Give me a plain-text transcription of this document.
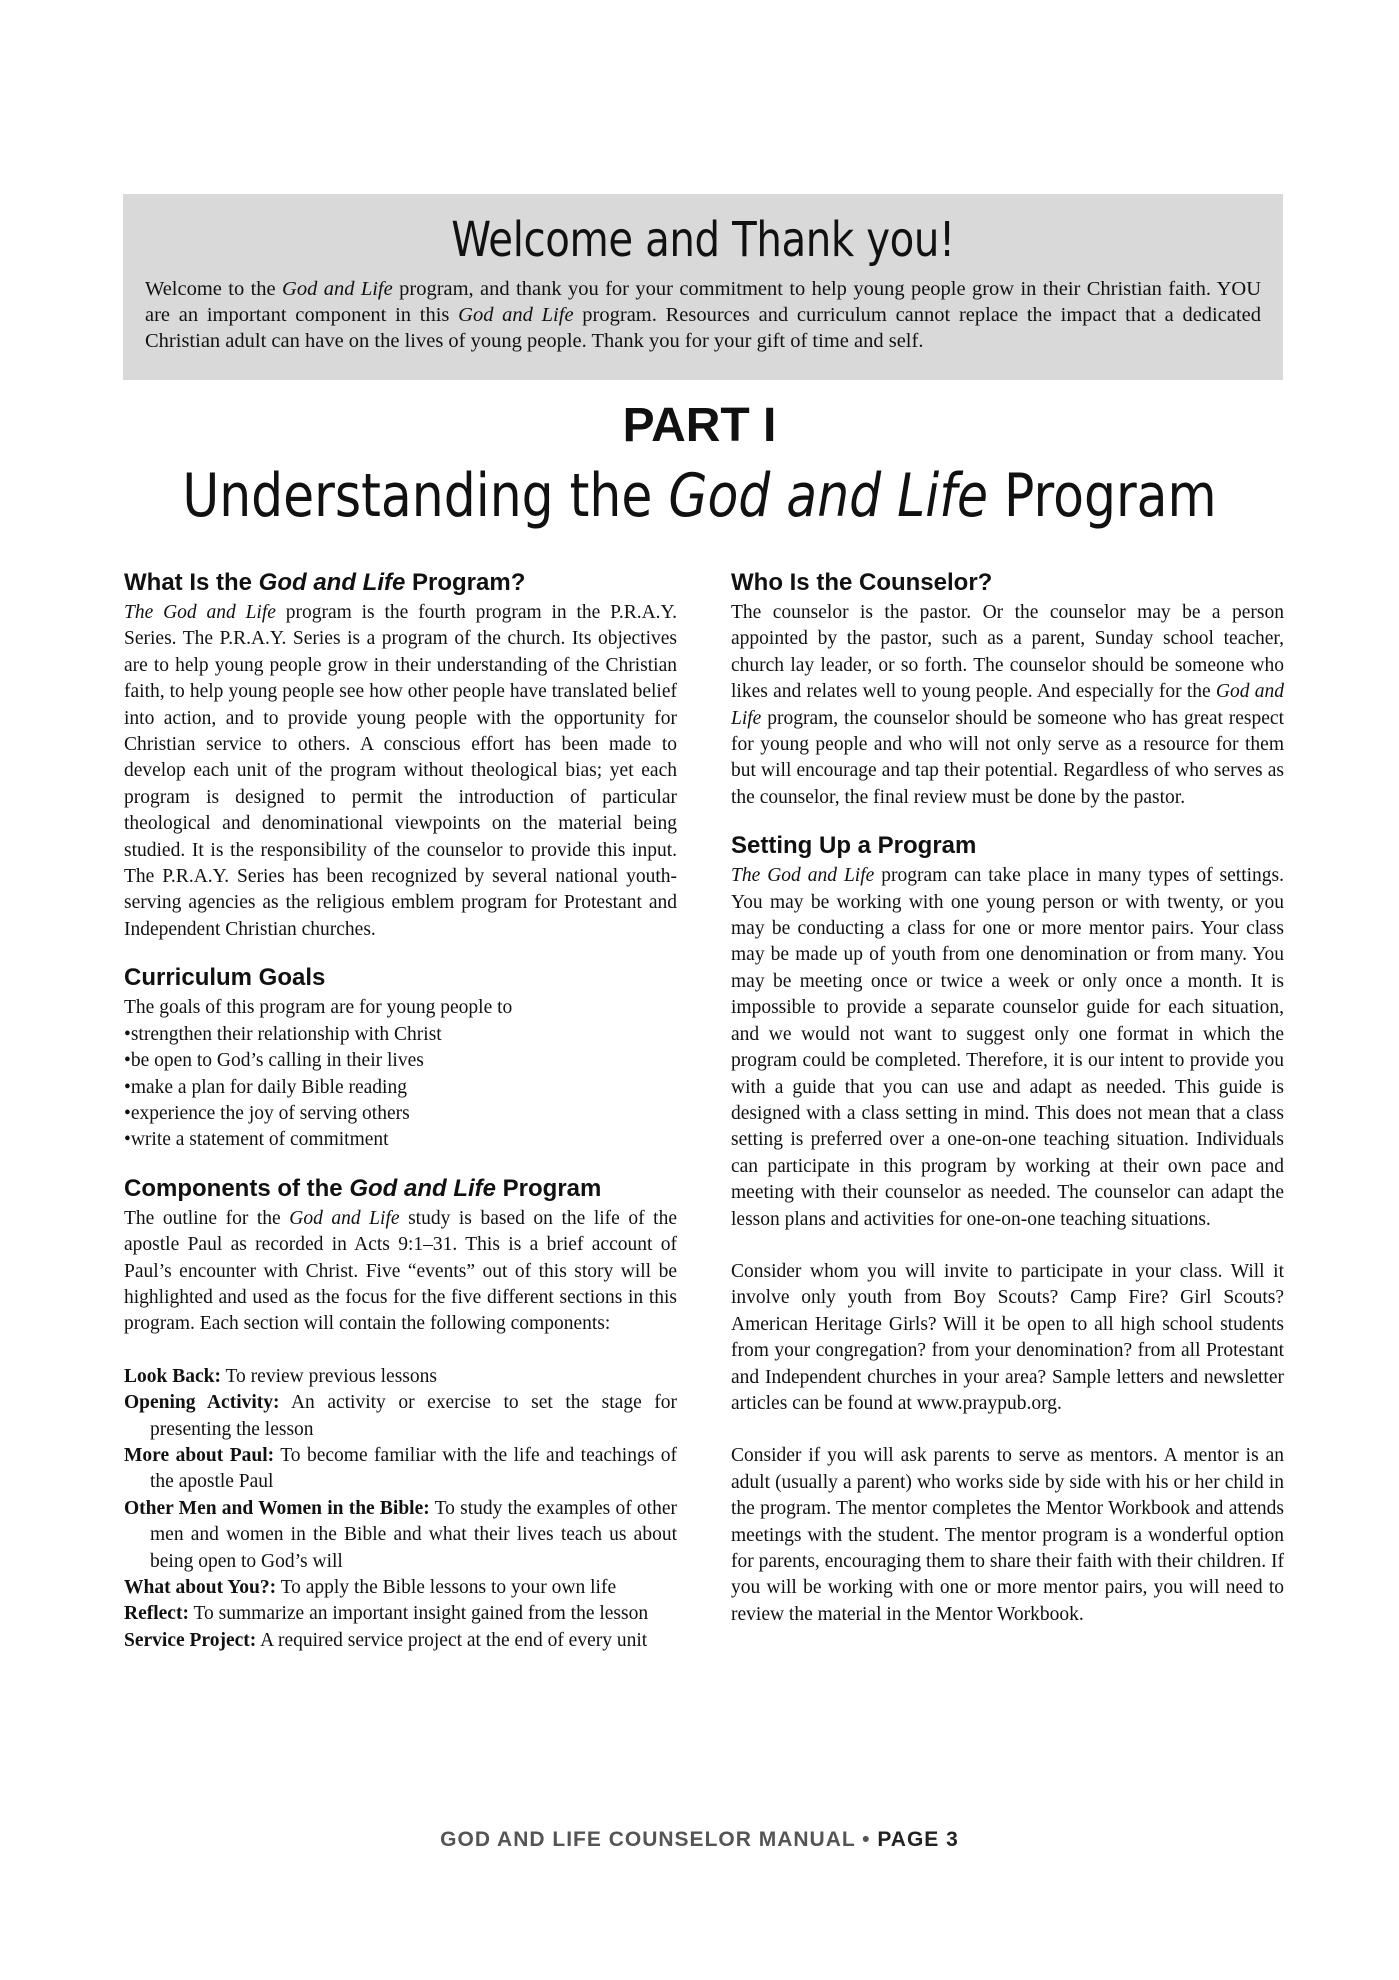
Welcome and Thank you!

Welcome to the God and Life program, and thank you for your commitment to help young people grow in their Christian faith. YOU are an important component in this God and Life program. Resources and curriculum cannot replace the impact that a dedicated Christian adult can have on the lives of young people. Thank you for your gift of time and self.

PART I
Understanding the God and Life Program
What Is the God and Life Program?

The God and Life program is the fourth program in the P.R.A.Y. Series. The P.R.A.Y. Series is a program of the church. Its objectives are to help young people grow in their understanding of the Christian faith, to help young people see how other people have translated belief into action, and to provide young people with the opportunity for Christian service to others. A conscious effort has been made to develop each unit of the program without theological bias; yet each program is designed to permit the introduction of particular theological and denominational viewpoints on the material being studied. It is the responsibility of the counselor to provide this input. The P.R.A.Y. Series has been recognized by several national youth-serving agencies as the religious emblem program for Protestant and Independent Christian churches.

Curriculum Goals

The goals of this program are for young people to

• strengthen their relationship with Christ
• be open to God’s calling in their lives
• make a plan for daily Bible reading
• experience the joy of serving others
• write a statement of commitment
Components of the God and Life Program

The outline for the God and Life study is based on the life of the apostle Paul as recorded in Acts 9:1–31. This is a brief account of Paul’s encounter with Christ. Five “events” out of this story will be highlighted and used as the focus for the five different sections in this program. Each section will contain the following components:

Look Back: To review previous lessons
Opening Activity: An activity or exercise to set the stage for presenting the lesson
More about Paul: To become familiar with the life and teachings of the apostle Paul
Other Men and Women in the Bible: To study the examples of other men and women in the Bible and what their lives teach us about being open to God’s will
What about You?: To apply the Bible lessons to your own life
Reflect: To summarize an important insight gained from the lesson
Service Project: A required service project at the end of every unit
Who Is the Counselor?

The counselor is the pastor. Or the counselor may be a person appointed by the pastor, such as a parent, Sunday school teacher, church lay leader, or so forth. The counselor should be someone who likes and relates well to young people. And especially for the God and Life program, the counselor should be someone who has great respect for young people and who will not only serve as a resource for them but will encourage and tap their potential. Regardless of who serves as the counselor, the final review must be done by the pastor.

Setting Up a Program

The God and Life program can take place in many types of settings. You may be working with one young person or with twenty, or you may be conducting a class for one or more mentor pairs. Your class may be made up of youth from one denomination or from many. You may be meeting once or twice a week or only once a month. It is impossible to provide a separate counselor guide for each situation, and we would not want to suggest only one format in which the program could be completed. Therefore, it is our intent to provide you with a guide that you can use and adapt as needed. This guide is designed with a class setting in mind. This does not mean that a class setting is preferred over a one-on-one teaching situation. Individuals can participate in this program by working at their own pace and meeting with their counselor as needed. The counselor can adapt the lesson plans and activities for one-on-one teaching situations.

Consider whom you will invite to participate in your class. Will it involve only youth from Boy Scouts? Camp Fire? Girl Scouts? American Heritage Girls? Will it be open to all high school students from your congregation? from your denomination? from all Protestant and Independent churches in your area? Sample letters and newsletter articles can be found at www.praypub.org.

Consider if you will ask parents to serve as mentors. A mentor is an adult (usually a parent) who works side by side with his or her child in the program. The mentor completes the Mentor Workbook and attends meetings with the student. The mentor program is a wonderful option for parents, encouraging them to share their faith with their children. If you will be working with one or more mentor pairs, you will need to review the material in the Mentor Workbook.

GOD AND LIFE COUNSELOR MANUAL • PAGE 3
